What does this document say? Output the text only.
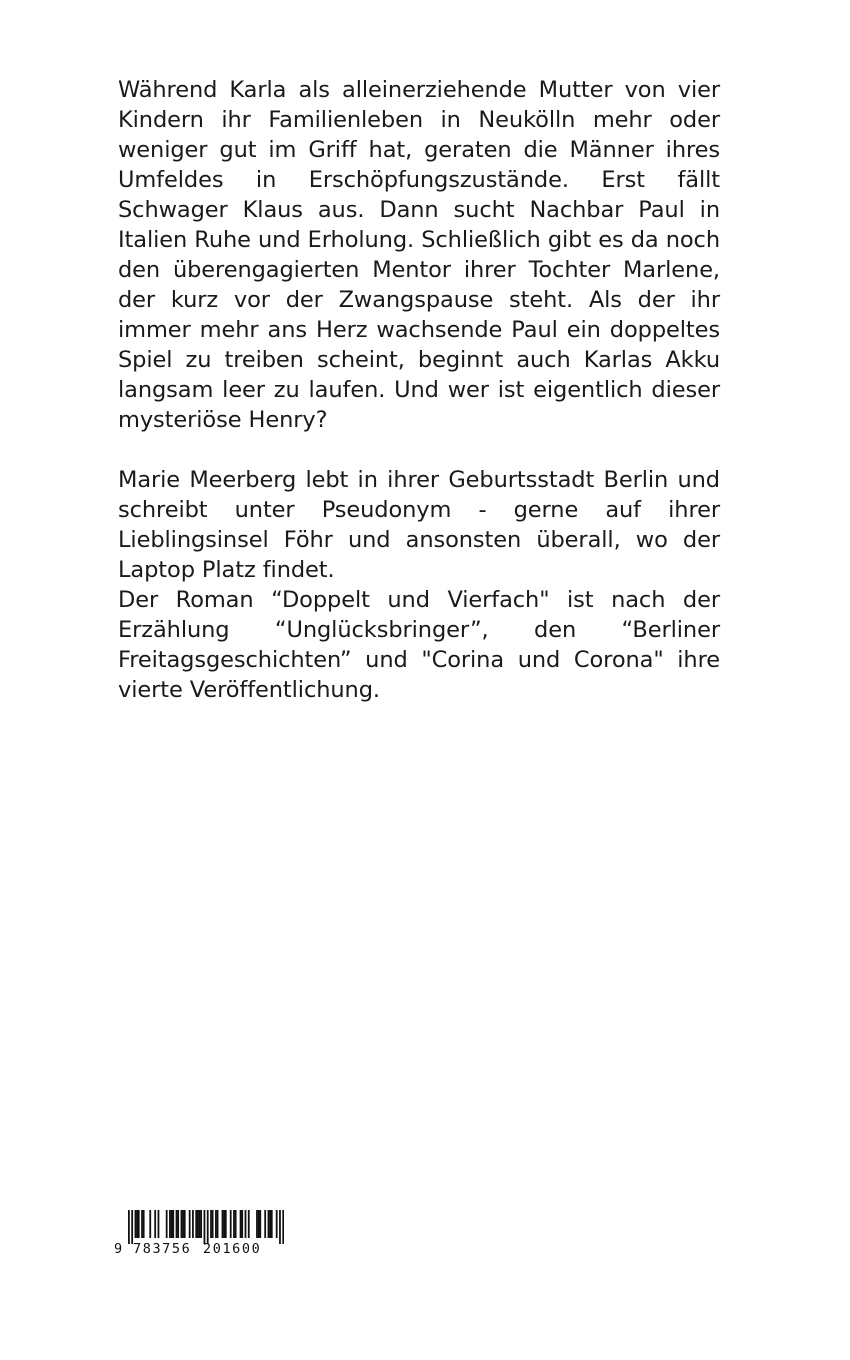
Während Karla als alleinerziehende Mutter von vier Kindern ihr Familienleben in Neukölln mehr oder weniger gut im Griff hat, geraten die Männer ihres Umfeldes in Erschöpfungszustände. Erst fällt Schwager Klaus aus. Dann sucht Nachbar Paul in Italien Ruhe und Erholung. Schließlich gibt es da noch den überengagierten Mentor ihrer Tochter Marlene, der kurz vor der Zwangspause steht. Als der ihr immer mehr ans Herz wachsende Paul ein doppeltes Spiel zu treiben scheint, beginnt auch Karlas Akku langsam leer zu laufen. Und wer ist eigentlich dieser mysteriöse Henry?

Marie Meerberg lebt in ihrer Geburtsstadt Berlin und schreibt unter Pseudonym - gerne auf ihrer Lieblingsinsel Föhr und ansonsten überall, wo der Laptop Platz findet.

Der Roman “Doppelt und Vierfach" ist nach der Erzählung “Unglücksbringer”, den “Berliner Freitagsgeschichten” und "Corina und Corona" ihre vierte Veröffentlichung.

9 783756 201600
